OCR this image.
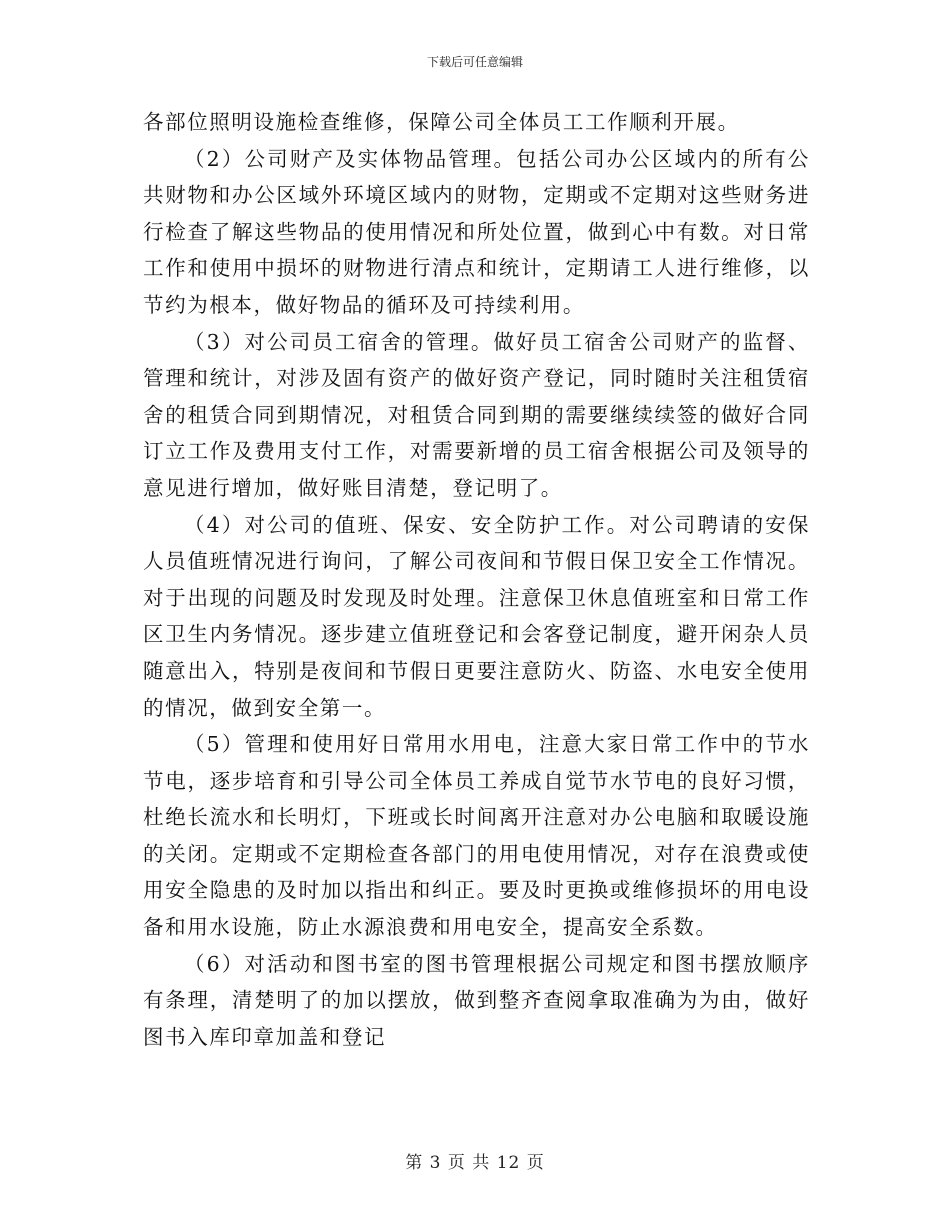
下载后可任意编辑

各部位照明设施检查维修，保障公司全体员工工作顺利开展。

（2）公司财产及实体物品管理。包括公司办公区域内的所有公共财物和办公区域外环境区域内的财物，定期或不定期对这些财务进行检查了解这些物品的使用情况和所处位置，做到心中有数。对日常工作和使用中损坏的财物进行清点和统计，定期请工人进行维修，以节约为根本，做好物品的循环及可持续利用。

（3）对公司员工宿舍的管理。做好员工宿舍公司财产的监督、管理和统计，对涉及固有资产的做好资产登记，同时随时关注租赁宿舍的租赁合同到期情况，对租赁合同到期的需要继续续签的做好合同订立工作及费用支付工作，对需要新增的员工宿舍根据公司及领导的意见进行增加，做好账目清楚，登记明了。

（4）对公司的值班、保安、安全防护工作。对公司聘请的安保人员值班情况进行询问，了解公司夜间和节假日保卫安全工作情况。对于出现的问题及时发现及时处理。注意保卫休息值班室和日常工作区卫生内务情况。逐步建立值班登记和会客登记制度，避开闲杂人员随意出入，特别是夜间和节假日更要注意防火、防盗、水电安全使用的情况，做到安全第一。

（5）管理和使用好日常用水用电，注意大家日常工作中的节水节电，逐步培育和引导公司全体员工养成自觉节水节电的良好习惯，杜绝长流水和长明灯，下班或长时间离开注意对办公电脑和取暖设施的关闭。定期或不定期检查各部门的用电使用情况，对存在浪费或使用安全隐患的及时加以指出和纠正。要及时更换或维修损坏的用电设备和用水设施，防止水源浪费和用电安全，提高安全系数。

（6）对活动和图书室的图书管理根据公司规定和图书摆放顺序有条理，清楚明了的加以摆放，做到整齐查阅拿取准确为为由，做好图书入库印章加盖和登记

第 3 页 共 12 页
